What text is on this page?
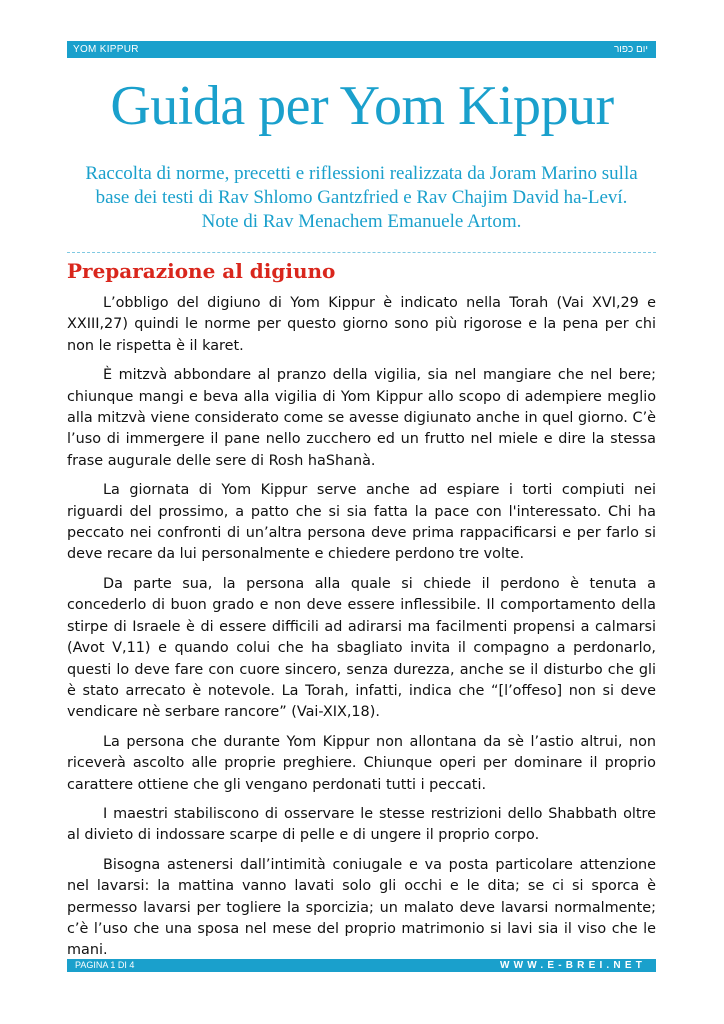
YOM KIPPUR	יום כפור
Guida per Yom Kippur
Raccolta di norme, precetti e riflessioni realizzata da Joram Marino sulla
base dei testi di Rav Shlomo Gantzfried e Rav Chajim David ha-Leví.
Note di Rav Menachem Emanuele Artom.
Preparazione al digiuno

L’obbligo del digiuno di Yom Kippur è indicato nella Torah (Vai XVI,29 e XXIII,27) quindi le norme per questo giorno sono più rigorose e la pena per chi non le rispetta è il karet.

È mitzvà abbondare al pranzo della vigilia, sia nel mangiare che nel bere; chiunque mangi e beva alla vigilia di Yom Kippur allo scopo di adempiere meglio alla mitzvà viene considerato come se avesse digiunato anche in quel giorno. C’è l’uso di immergere il pane nello zucchero ed un frutto nel miele e dire la stessa frase augurale delle sere di Rosh haShanà.

La giornata di Yom Kippur serve anche ad espiare i torti compiuti nei riguardi del prossimo, a patto che si sia fatta la pace con l'interessato. Chi ha peccato nei confronti di un’altra persona deve prima rappacificarsi e per farlo si deve recare da lui personalmente e chiedere perdono tre volte.

Da parte sua, la persona alla quale si chiede il perdono è tenuta a concederlo di buon grado e non deve essere inflessibile. Il comportamento della stirpe di Israele è di essere difficili ad adirarsi ma facilmenti propensi a calmarsi (Avot V,11) e quando colui che ha sbagliato invita il compagno a perdonarlo, questi lo deve fare con cuore sincero, senza durezza, anche se il disturbo che gli è stato arrecato è notevole. La Torah, infatti, indica che “[l’offeso] non si deve vendicare nè serbare rancore” (Vai-XIX,18).

La persona che durante Yom Kippur non allontana da sè l’astio altrui, non riceverà ascolto alle proprie preghiere. Chiunque operi per dominare il proprio carattere ottiene che gli vengano perdonati tutti i peccati.

I maestri stabiliscono di osservare le stesse restrizioni dello Shabbath oltre al divieto di indossare scarpe di pelle e di ungere il proprio corpo.

Bisogna astenersi dall’intimità coniugale e va posta particolare attenzione nel lavarsi: la mattina vanno lavati solo gli occhi e le dita; se ci si sporca è permesso lavarsi per togliere la sporcizia; un malato deve lavarsi normalmente; c’è l’uso che una sposa nel mese del proprio matrimonio si lavi sia il viso che le mani.

PAGINA 1 DI 4	WWW.E-BREI.NET
